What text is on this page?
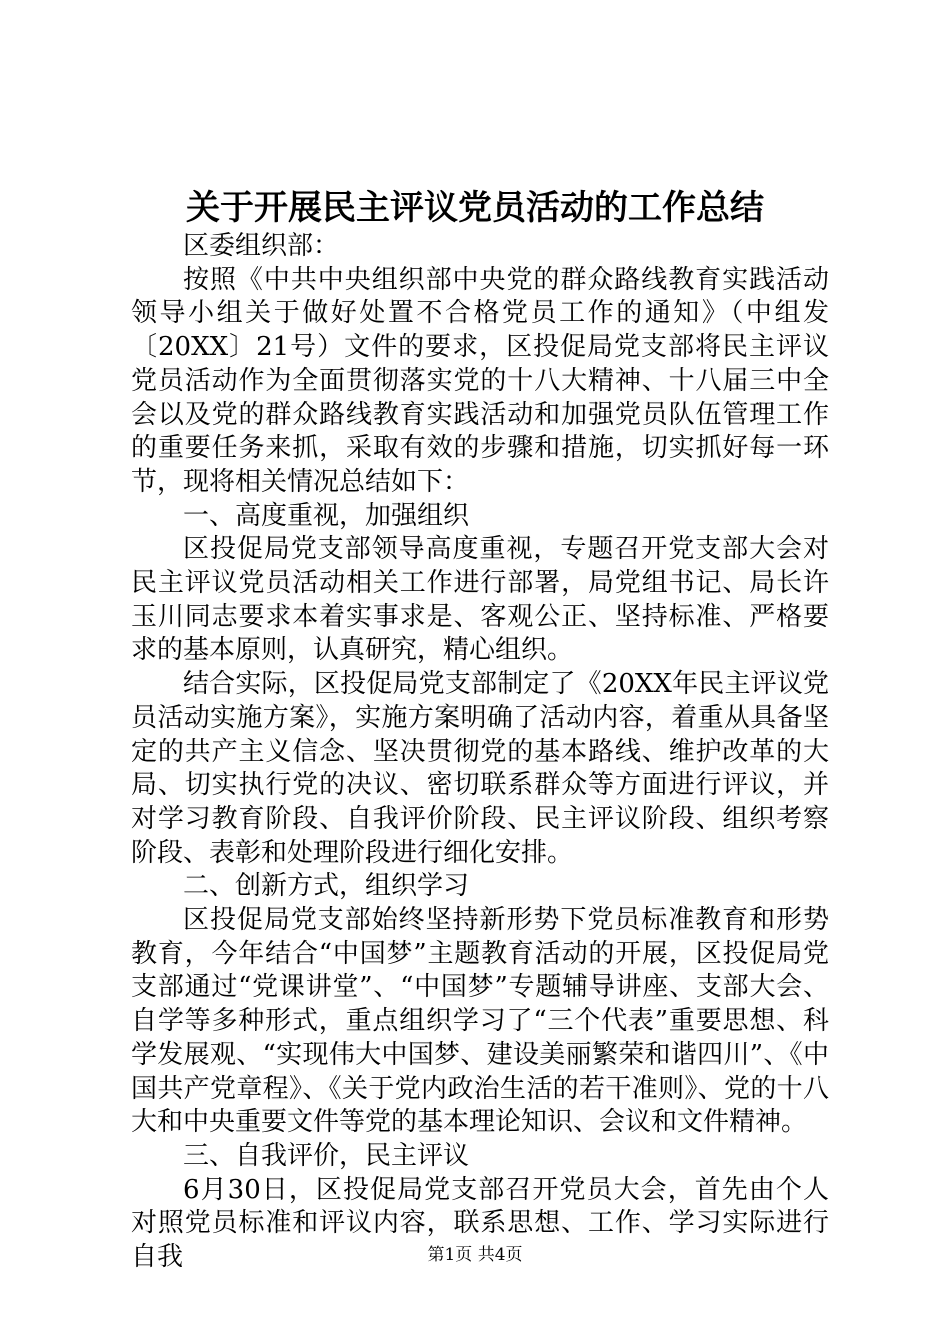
关于开展民主评议党员活动的工作总结

区委组织部：

按照《中共中央组织部中央党的群众路线教育实践活动领导小组关于做好处置不合格党员工作的通知》（中组发〔20XX〕21号）文件的要求，区投促局党支部将民主评议党员活动作为全面贯彻落实党的十八大精神、十八届三中全会以及党的群众路线教育实践活动和加强党员队伍管理工作的重要任务来抓，采取有效的步骤和措施，切实抓好每一环节，现将相关情况总结如下：

一、高度重视，加强组织

区投促局党支部领导高度重视，专题召开党支部大会对民主评议党员活动相关工作进行部署，局党组书记、局长许玉川同志要求本着实事求是、客观公正、坚持标准、严格要求的基本原则，认真研究，精心组织。

结合实际，区投促局党支部制定了《20XX年民主评议党员活动实施方案》，实施方案明确了活动内容，着重从具备坚定的共产主义信念、坚决贯彻党的基本路线、维护改革的大局、切实执行党的决议、密切联系群众等方面进行评议，并对学习教育阶段、自我评价阶段、民主评议阶段、组织考察阶段、表彰和处理阶段进行细化安排。

二、创新方式，组织学习

区投促局党支部始终坚持新形势下党员标准教育和形势教育，今年结合“中国梦”主题教育活动的开展，区投促局党支部通过“党课讲堂”、“中国梦”专题辅导讲座、支部大会、自学等多种形式，重点组织学习了“三个代表”重要思想、科学发展观、“实现伟大中国梦、建设美丽繁荣和谐四川”、《中国共产党章程》、《关于党内政治生活的若干准则》、党的十八大和中央重要文件等党的基本理论知识、会议和文件精神。

三、自我评价，民主评议

6月30日，区投促局党支部召开党员大会，首先由个人对照党员标准和评议内容，联系思想、工作、学习实际进行自我	第1页 共4页
